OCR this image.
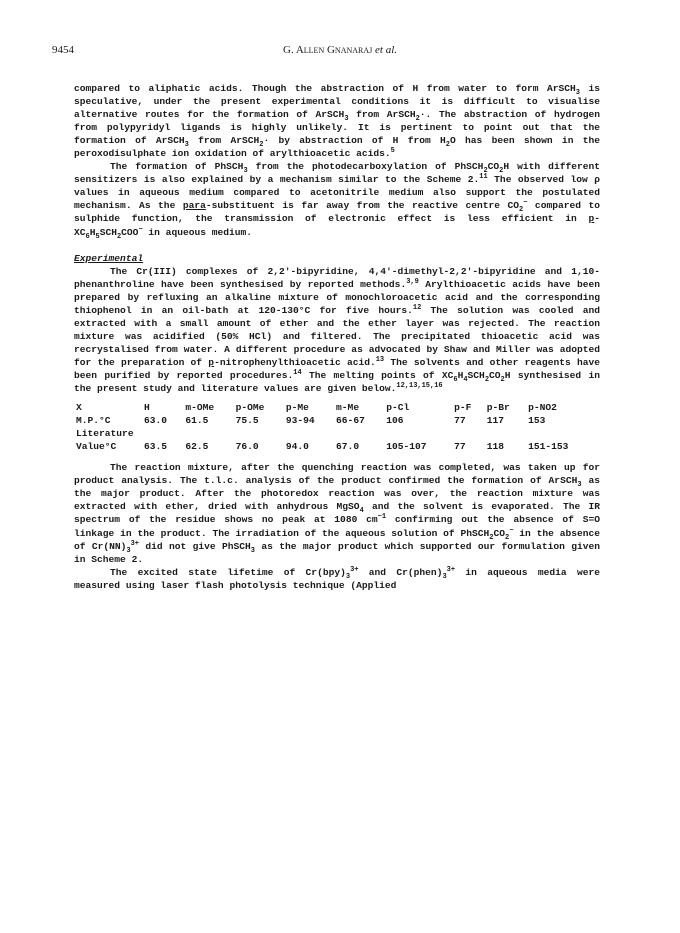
9454	G. Allen Gnanaraj et al.

compared to aliphatic acids. Though the abstraction of H from water to form ArSCH$_3$ is speculative, under the present experimental conditions it is difficult to visualise alternative routes for the formation of ArSCH$_3$ from ArSCH$_2$·. The abstraction of hydrogen from polypyridyl ligands is highly unlikely. It is pertinent to point out that the formation of ArSCH$_3$ from ArSCH$_2$· by abstraction of H from $H_2O$ has been shown in the peroxodisulphate ion oxidation of arylthioacetic acids.$^5$

The formation of PhSCH$_3$ from the photodecarboxylation of $PhSCH_2CO_2H$ with different sensitizers is also explained by a mechanism similar to the Scheme 2.11 The observed low ρ values in aqueous medium compared to acetonitrile medium also support the postulated mechanism. As the para-substituent is far away from the reactive centre $CO_2^-$ compared to sulphide function, the transmission of electronic effect is less efficient in $p-XC_6H_5SCH_2COO^-$ in aqueous medium.

Experimental

The Cr(III) complexes of 2,2′-bipyridine, 4,4′-dimethyl-2,2′-bipyridine and 1,10-phenanthroline have been synthesised by reported methods.$^{3,9}$ Arylthioacetic acids have been prepared by refluxing an alkaline mixture of monochloroacetic acid and the corresponding thiophenol in an oil-bath at 120-130°C for five hours.$^{12}$ The solution was cooled and extracted with a small amount of ether and the ether layer was rejected. The reaction mixture was acidified (50% HCl) and filtered. The precipitated thioacetic acid was recrystalised from water. A different procedure as advocated by Shaw and Miller was adopted for the preparation of p-nitrophenylthioacetic acid.$^{13}$ The solvents and other reagents have been purified by reported procedures.$^{14}$ The melting points of $XC_6H_4SCH_2CO_2H$ synthesised in the present study and literature values are given below.$^{12,13,15,16}$

X	H	m-OMe	p-OMe	p-Me	m-Me	p-Cl	p-F	p-Br	p-NO2
M.P.°C	63.0	61.5	75.5	93-94	66-67	106	77	117	153
Literature									
Value°C	63.5	62.5	76.0	94.0	67.0	105-107	77	118	151-153

The reaction mixture, after the quenching reaction was completed, was taken up for product analysis. The t.l.c. analysis of the product confirmed the formation of ArSCH$_3$ as the major product. After the photoredox reaction was over, the reaction mixture was extracted with ether, dried with anhydrous MgSO$_4$ and the solvent is evaporated. The IR spectrum of the residue shows no peak at 1080 $cm^{-1}$ confirming out the absence of S=O linkage in the product. The irradiation of the aqueous solution of $PhSCH_2CO_2^-$ in the absence of $Cr(NN)_3^{3+}$ did not give PhSCH$_3$ as the major product which supported our formulation given in Scheme 2.

The excited state lifetime of $Cr(bpy)_3^{3+}$ and $Cr(phen)_3^{3+}$ in aqueous media were measured using laser flash photolysis technique (Applied
